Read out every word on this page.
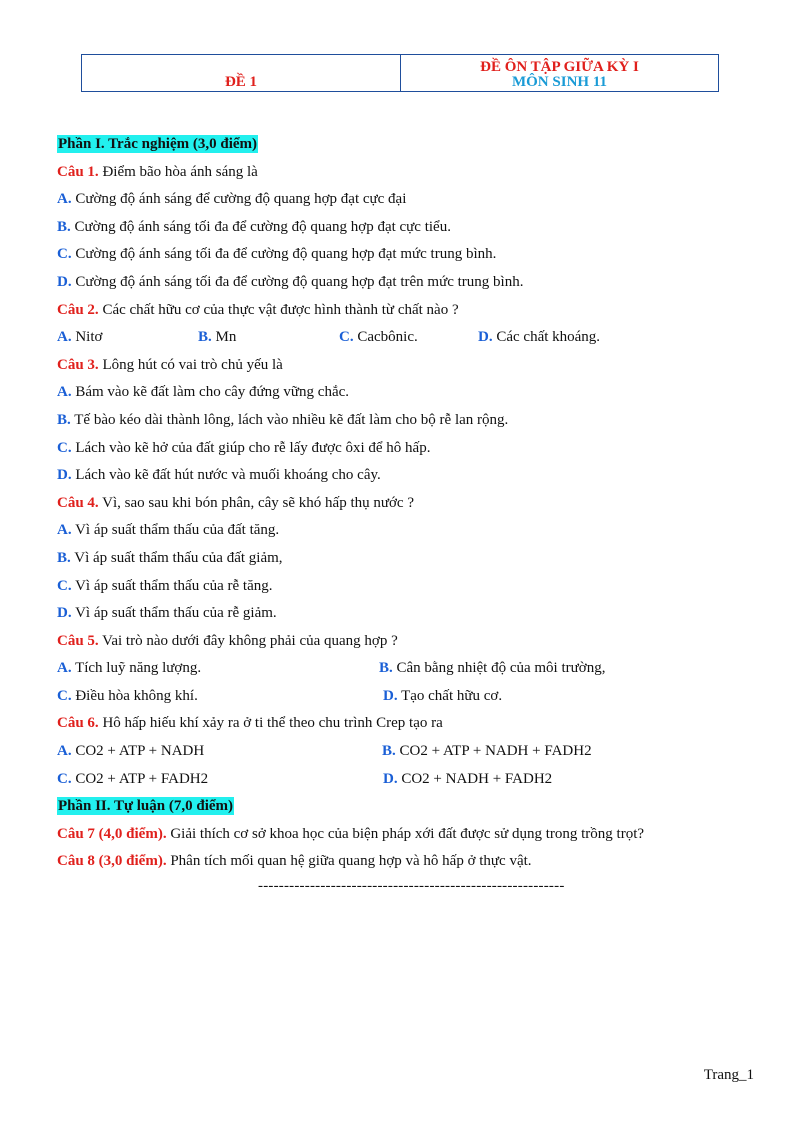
ĐỀ 1
ĐỀ ÔN TẬP GIỮA KỲ I
MÔN SINH 11
Phần I. Trắc nghiệm (3,0 điểm)
Câu 1. Điểm bão hòa ánh sáng là
A. Cường độ ánh sáng để cường độ quang hợp đạt cực đại
B. Cường độ ánh sáng tối đa để cường độ quang hợp đạt cực tiểu.
C. Cường độ ánh sáng tối đa để cường độ quang hợp đạt mức trung bình.
D. Cường độ ánh sáng tối đa để cường độ quang hợp đạt trên mức trung bình.
Câu 2. Các chất hữu cơ của thực vật được hình thành từ chất nào ?
A. Nitơ	B. Mn	C. Cacbônic.	D. Các chất khoáng.
Câu 3. Lông hút có vai trò chủ yếu là
A. Bám vào kẽ đất làm cho cây đứng vững chắc.
B. Tế bào kéo dài thành lông, lách vào nhiều kẽ đất làm cho bộ rễ lan rộng.
C. Lách vào kẽ hở của đất giúp cho rễ lấy được ôxi để hô hấp.
D. Lách vào kẽ đất hút nước và muối khoáng cho cây.
Câu 4. Vì, sao sau khi bón phân, cây sẽ khó hấp thụ nước ?
A. Vì áp suất thẩm thấu của đất tăng.
B. Vì áp suất thẩm thấu của đất giảm,
C. Vì áp suất thẩm thấu của rễ tăng.
D. Vì áp suất thẩm thấu của rễ giảm.
Câu 5. Vai trò nào dưới đây không phải của quang hợp ?
A. Tích luỹ năng lượng.	B. Cân bằng nhiệt độ của môi trường,
C. Điều hòa không khí.	D. Tạo chất hữu cơ.
Câu 6. Hô hấp hiếu khí xảy ra ở ti thể theo chu trình Crep tạo ra
A. CO2 + ATP + NADH	B. CO2 + ATP + NADH + FADH2
C. CO2 + ATP + FADH2	D. CO2 + NADH + FADH2
Phần II. Tự luận (7,0 điểm)
Câu 7 (4,0 điểm). Giải thích cơ sở khoa học của biện pháp xới đất được sử dụng trong trồng trọt?
Câu 8 (3,0 điểm). Phân tích mối quan hệ giữa quang hợp và hô hấp ở thực vật.
-----------------------------------------------------------
Trang_1
